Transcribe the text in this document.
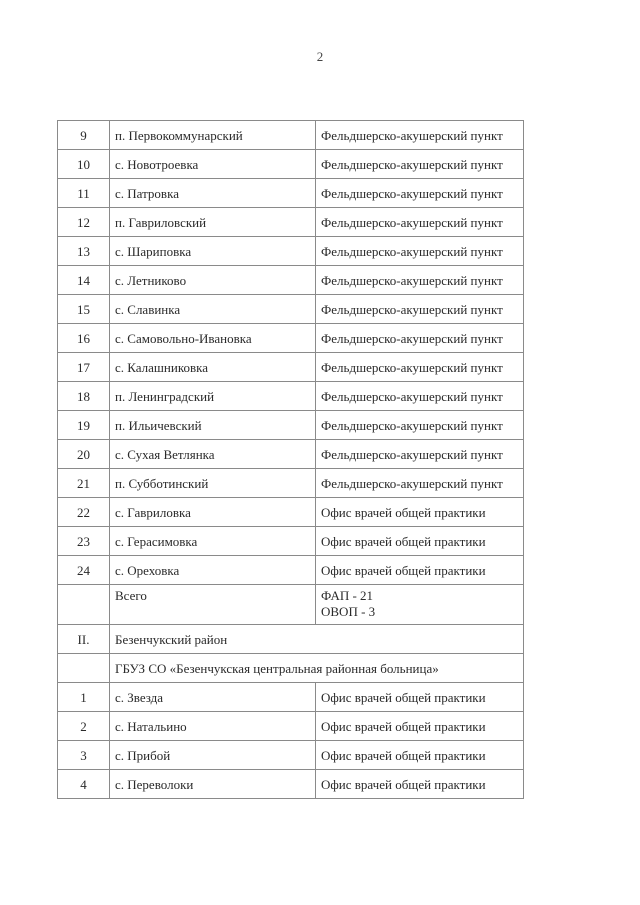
2
9	п. Первокоммунарский	Фельдшерско-акушерский пункт
10	с. Новотроевка	Фельдшерско-акушерский пункт
11	с. Патровка	Фельдшерско-акушерский пункт
12	п. Гавриловский	Фельдшерско-акушерский пункт
13	с. Шариповка	Фельдшерско-акушерский пункт
14	с. Летниково	Фельдшерско-акушерский пункт
15	с. Славинка	Фельдшерско-акушерский пункт
16	с. Самовольно-Ивановка	Фельдшерско-акушерский пункт
17	с. Калашниковка	Фельдшерско-акушерский пункт
18	п. Ленинградский	Фельдшерско-акушерский пункт
19	п. Ильичевский	Фельдшерско-акушерский пункт
20	с. Сухая Ветлянка	Фельдшерско-акушерский пункт
21	п. Субботинский	Фельдшерско-акушерский пункт
22	с. Гавриловка	Офис врачей общей практики
23	с. Герасимовка	Офис врачей общей практики
24	с. Ореховка	Офис врачей общей практики
	Всего	ФАП - 21
ОВОП - 3

II.	Безенчукский район	
	ГБУЗ СО «Безенчукская центральная районная больница»	
1	с. Звезда	Офис врачей общей практики
2	с. Натальино	Офис врачей общей практики
3	с. Прибой	Офис врачей общей практики
4	с. Переволоки	Офис врачей общей практики
